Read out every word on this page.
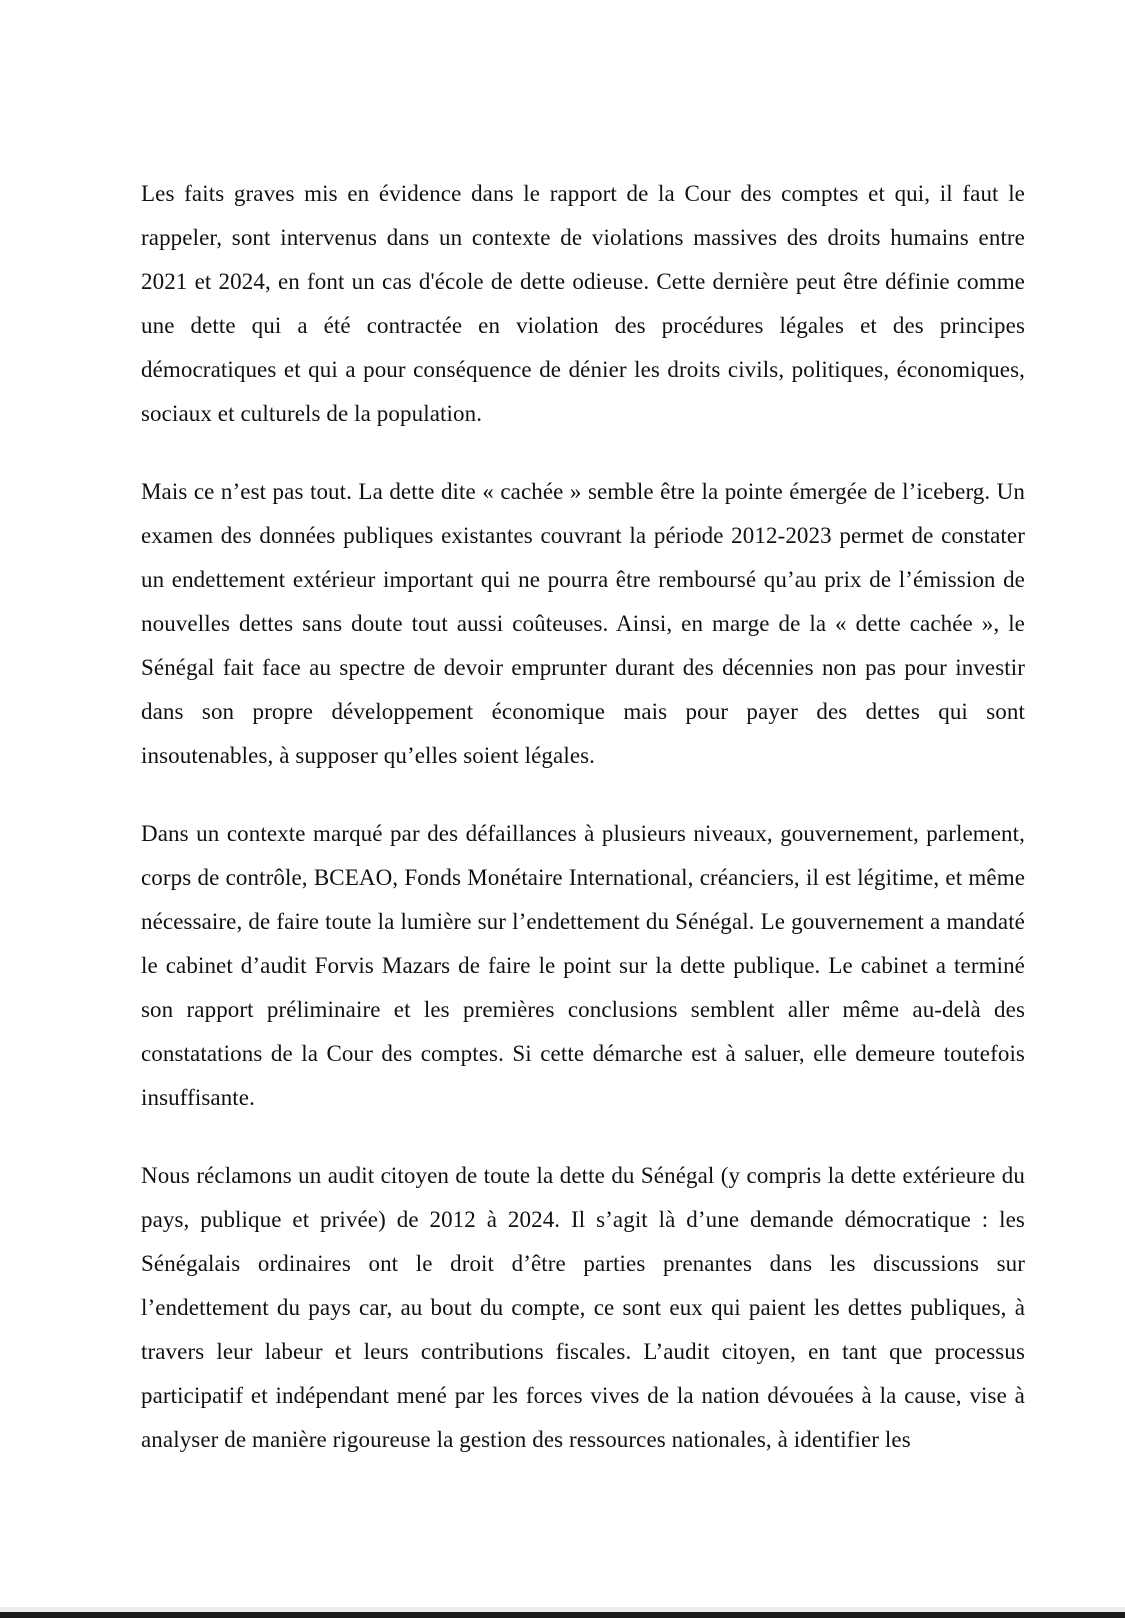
Les faits graves mis en évidence dans le rapport de la Cour des comptes et qui, il faut le rappeler, sont intervenus dans un contexte de violations massives des droits humains entre 2021 et 2024, en font un cas d'école de dette odieuse. Cette dernière peut être définie comme une dette qui a été contractée en violation des procédures légales et des principes démocratiques et qui a pour conséquence de dénier les droits civils, politiques, économiques, sociaux et culturels de la population.

Mais ce n’est pas tout. La dette dite « cachée » semble être la pointe émergée de l’iceberg. Un examen des données publiques existantes couvrant la période 2012-2023 permet de constater un endettement extérieur important qui ne pourra être remboursé qu’au prix de l’émission de nouvelles dettes sans doute tout aussi coûteuses. Ainsi, en marge de la « dette cachée », le Sénégal fait face au spectre de devoir emprunter durant des décennies non pas pour investir dans son propre développement économique mais pour payer des dettes qui sont insoutenables, à supposer qu’elles soient légales.

Dans un contexte marqué par des défaillances à plusieurs niveaux, gouvernement, parlement, corps de contrôle, BCEAO, Fonds Monétaire International, créanciers, il est légitime, et même nécessaire, de faire toute la lumière sur l’endettement du Sénégal. Le gouvernement a mandaté le cabinet d’audit Forvis Mazars de faire le point sur la dette publique. Le cabinet a terminé son rapport préliminaire et les premières conclusions semblent aller même au-delà des constatations de la Cour des comptes. Si cette démarche est à saluer, elle demeure toutefois insuffisante.

Nous réclamons un audit citoyen de toute la dette du Sénégal (y compris la dette extérieure du pays, publique et privée) de 2012 à 2024. Il s’agit là d’une demande démocratique : les Sénégalais ordinaires ont le droit d’être parties prenantes dans les discussions sur l’endettement du pays car, au bout du compte, ce sont eux qui paient les dettes publiques, à travers leur labeur et leurs contributions fiscales. L’audit citoyen, en tant que processus participatif et indépendant mené par les forces vives de la nation dévouées à la cause, vise à analyser de manière rigoureuse la gestion des ressources nationales, à identifier les
